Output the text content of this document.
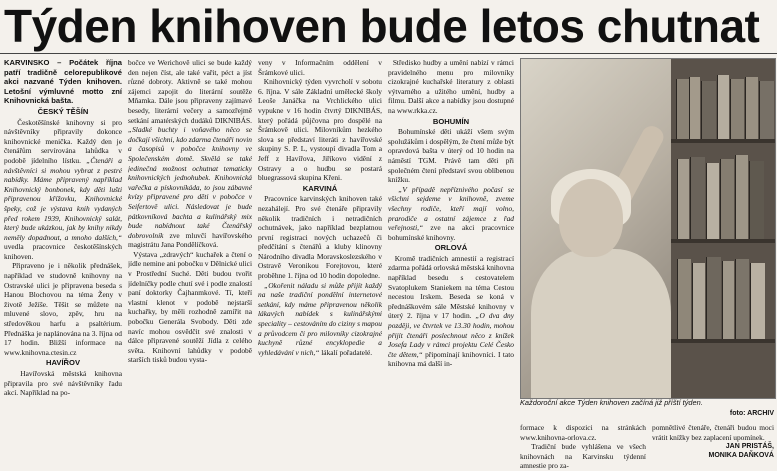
Týden knihoven bude letos chutnat

KARVINSKO – Počátek října patří tradičně celorepublikové akci nazvané Týden knihoven. Letošní výmluvné motto zní Knihovnická bašta.

ČESKÝ TĚŠÍN

Českotěšínské knihovny si pro návštěvníky připravily dokonce knihovnické menička. Každý den je čtenářům servírována lahůdka v podobě jídelního lístku. „Čtenáři a návštěvníci si mohou vybrat z pestré nabídky. Máme připravený například Knihovnický bonbonek, kdy děti luští připravenou křížovku, Knihovnické špeky, což je výstava knih vydaných před rokem 1939, Knihovnický salát, který bude ukázkou, jak by knihy nikdy neměly dopadnout, a mnoho dalších,“ uvedla pracovnice českotěšínských knihoven.

Připraveno je i několik přednášek, například ve studovně knihovny na Ostravské ulici je připravena beseda s Hanou Blochovou na téma Ženy v životě Ježíše. Těšit se můžete na mluvené slovo, zpěv, hru na středověkou harfu a psaltérium. Přednáška je naplánována na 3. října od 17 hodin. Bližší informace na www.knihovna.ctesin.cz

HAVÍŘOV

Havířovská městská knihovna připravila pro své návštěvníky řadu akcí. Například na po-

bočce ve Werichově ulici se bude každý den nejen číst, ale také vařit, péct a jíst různé dobroty. Aktivně se také mohou zájemci zapojit do literární soutěže Mňamka. Dále jsou připraveny zajímavé besedy, literární večery a samozřejmě setkání amatérských dudáků DIKNIBÁS. „Sladké buchty i voňavého něco se dočkají všichni, kdo zdarma čtenáři novin a časopisů v pobočce knihovny ve Společenském domě. Skvělá se také jedinečná možnost ochutnat tematicky knihovnických jednohubek. Knihovnická vařečka a pískovníkáda, to jsou zábavné kvízy připravené pro děti v pobočce v Seifertově ulici. Následovat je bude pátkovníková bachta a kulinářský mix bude nabídnout také Čtenářský dobrovolník zve mluvčí havířovského magistrátu Jana Pondělíčková.

Výstava „zdravých“ kuchařek a čtení o jídle nemine ani pobočku v Dělnické ulici v Prostřední Suché. Děti budou tvořit jídelníčky podle chutí své i podle znalostí paní doktorky Čajhanmkové. Tí, kteří vlastní klenot v podobě nejstarší kuchařky, by měli rozhodně zamířit na pobočku Generála Svobody. Děti zde navíc mohou osvědčit své znalosti v dálce připravené soutěží Jídla z celého světa. Knihovní lahůdky v podobě starších tisků budou vysta-

veny v Informačním oddělení v Šrámkové ulici.

Knihovnický týden vyvrcholí v sobotu 6. října. V sále Základní umělecké školy Leoše Janáčka na Vrchlického ulici vypukne v 16 hodin čtvrtý DIKNIBÁS, který pořádá půjčovna pro dospělé na Šrámkově ulici. Milovníkům hezkého slova se představí literáti z havířovské skupiny S. P. L, vystoupí divadla Tom a Jeff z Havířova, Jiříkovo vidění z Ostravy a o hudbu se postará bluegrassová skupina Křeni.

KARVINÁ

Pracovníce karvinských knihoven také nezahálejí. Pro své čtenáře připravily několik tradičních i netradičních ochutnávek, jako například bezplatnou první registraci nových uchazečů či předčítání s čtenářů a kluby klinovny Národního divadla Moravskoslezského v Ostravě Veronikou Forejtovou, které proběhne 1. října od 10 hodin dopoledne.

„Okořenit náladu si může přijít každý na naše tradiční pondělní internetové setkání, kdy máme připravenou několik lákavých nabídek s kulinářskými speciality – cestováním do ciziny s mapou a průvodcem či pro milovníky cizokrajné kuchyně různé encyklopedie a vyhledávání v nich,“ lákalí pořadatelé.

Středisko hudby a umění nabízí v rámci pravidelného menu pro milovníky cizokrajné kuchařské literatury z oblasti výtvarného a užitého umění, hudby a filmu. Další akce a nabídky jsou dostupné na www.rkka.cz.

BOHUMÍN

Bohumínské děti ukáží všem svým spolužákům i dospělým, že čtení může být opravdová bašta v úterý od 10 hodin na náměstí TGM. Právě tam děti při společném čtení představí svou oblíbenou knížku.

„V případě nepříznivého počasí se všichni sejdeme v knihovně, zveme všechny rodiče, kteří mají volno, prarodiče a ostatní zájemce z řad veřejnosti,“ zve na akci pracovnice bohumínské knihovny.

ORLOVÁ

Kromě tradičních amnestií a registrací zdarma pořádá orlovská městská knihovna například besedu s cestovatelem Svatoplukem Staniekem na téma Cestou necestou Irskem. Beseda se koná v přednáškovém sále Městské knihovny v úterý 2. října v 17 hodin. „O dva dny později, ve čtvrtek ve 13.30 hodin, mohou přijít čtenáři poslechnout něco z knížek Josefa Lady v rámci projektu Celé Česko čte dětem,“ připomínají knihovníci. I tato knihovna má další in-

Každoroční akce Týden knihoven začíná již příští týden.
foto: ARCHIV

formace k dispozici na stránkách www.knihovna-orlova.cz.

Tradiční bude vyhlášena ve všech knihovnách na Karvinsku týdenní amnestie pro za-

pomnětlivé čtenáře, čtenáři budou moci vrátit knížky bez zaplacení upomínek.

JAN PRISTÁŠ,
MONIKA DAŇKOVÁ
